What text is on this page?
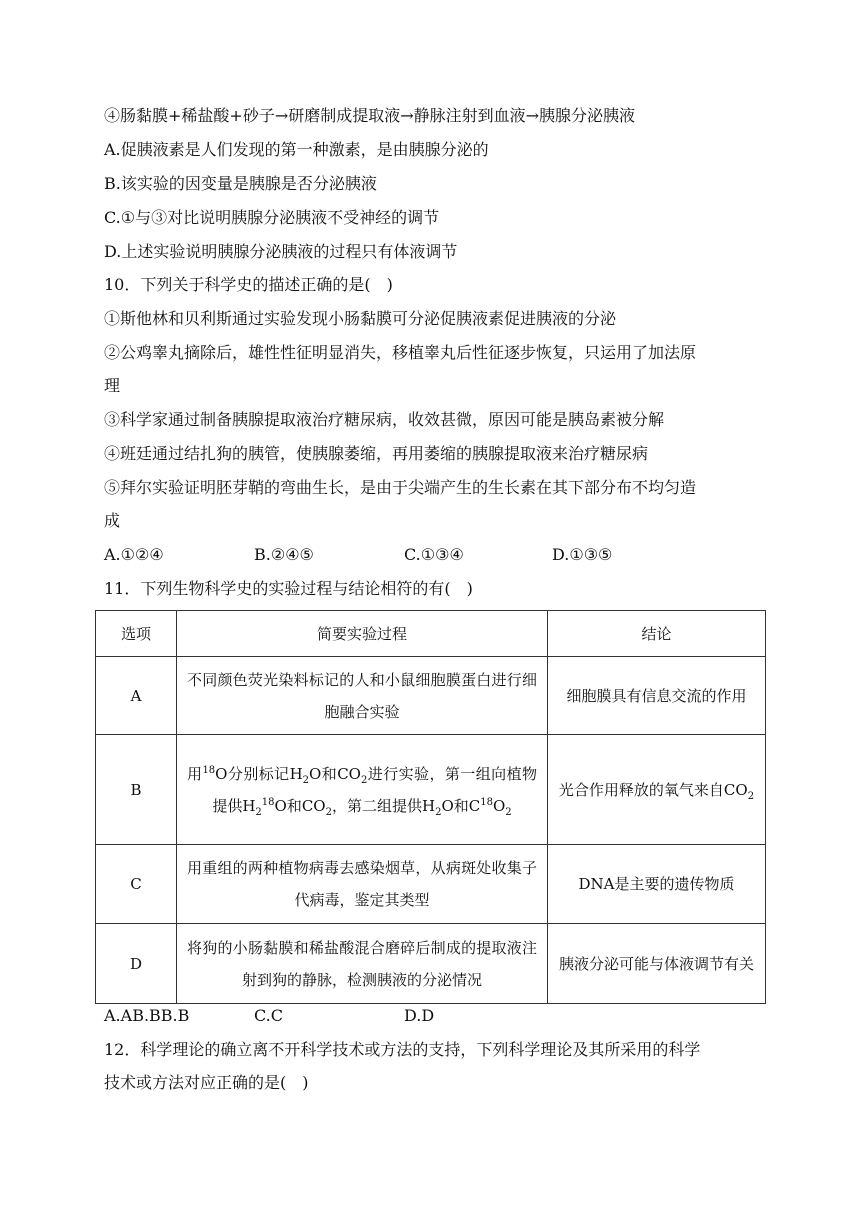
④肠黏膜+稀盐酸+砂子→研磨制成提取液→静脉注射到血液→胰腺分泌胰液
A.促胰液素是人们发现的第一种激素，是由胰腺分泌的
B.该实验的因变量是胰腺是否分泌胰液
C.①与③对比说明胰腺分泌胰液不受神经的调节
D.上述实验说明胰腺分泌胰液的过程只有体液调节
10．下列关于科学史的描述正确的是(　)
①斯他林和贝利斯通过实验发现小肠黏膜可分泌促胰液素促进胰液的分泌
②公鸡睾丸摘除后，雄性性征明显消失，移植睾丸后性征逐步恢复，只运用了加法原
理
③科学家通过制备胰腺提取液治疗糖尿病，收效甚微，原因可能是胰岛素被分解
④班廷通过结扎狗的胰管，使胰腺萎缩，再用萎缩的胰腺提取液来治疗糖尿病
⑤拜尔实验证明胚芽鞘的弯曲生长，是由于尖端产生的生长素在其下部分布不均匀造
成
A.①②④	B.②④⑤	C.①③④	D.①③⑤
11．下列生物科学史的实验过程与结论相符的有(　)
选项	简要实验过程	结论
A	不同颜色荧光染料标记的人和小鼠细胞膜蛋白进行细胞融合实验	细胞膜具有信息交流的作用
B	用$^{18}$O分别标记$H_2O$和$CO_2$进行实验，第一组向植物提供$H_2^{18}O$和$CO_2$，第二组提供$H_2O$和$C^{18}O_2$	光合作用释放的氧气来自$CO_2$
C	用重组的两种植物病毒去感染烟草，从病斑处收集子代病毒，鉴定其类型	DNA是主要的遗传物质
D	将狗的小肠黏膜和稀盐酸混合磨碎后制成的提取液注射到狗的静脉，检测胰液的分泌情况	胰液分泌可能与体液调节有关
A.AB.BB.B	C.C	D.D
12．科学理论的确立离不开科学技术或方法的支持，下列科学理论及其所采用的科学
技术或方法对应正确的是(　)
